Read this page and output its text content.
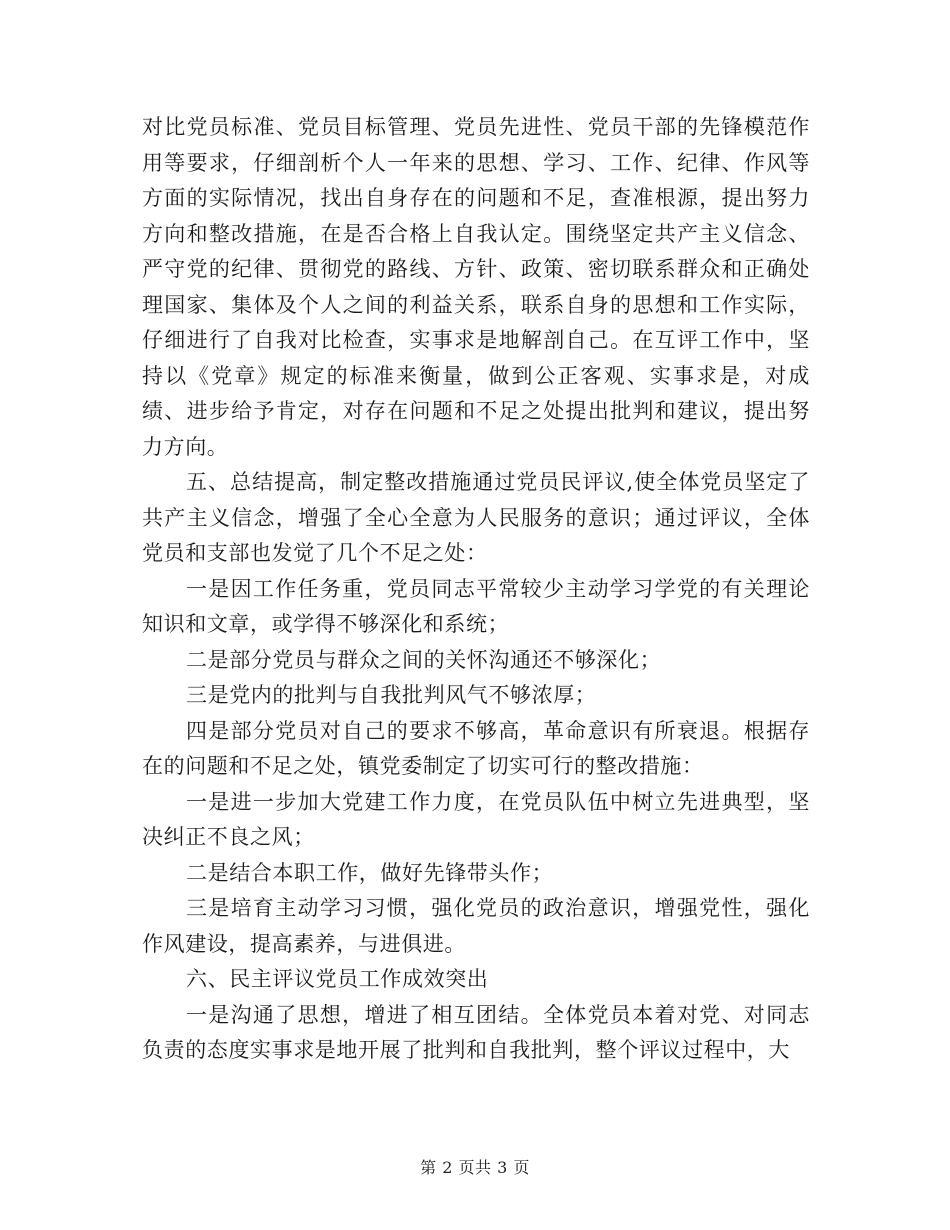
对比党员标准、党员目标管理、党员先进性、党员干部的先锋模范作用等要求，仔细剖析个人一年来的思想、学习、工作、纪律、作风等方面的实际情况，找出自身存在的问题和不足，查准根源，提出努力方向和整改措施，在是否合格上自我认定。围绕坚定共产主义信念、严守党的纪律、贯彻党的路线、方针、政策、密切联系群众和正确处理国家、集体及个人之间的利益关系，联系自身的思想和工作实际，仔细进行了自我对比检查，实事求是地解剖自己。在互评工作中，坚持以《党章》规定的标准来衡量，做到公正客观、实事求是，对成绩、进步给予肯定，对存在问题和不足之处提出批判和建议，提出努力方向。

五、总结提高，制定整改措施通过党员民评议,使全体党员坚定了共产主义信念，增强了全心全意为人民服务的意识；通过评议，全体党员和支部也发觉了几个不足之处：

一是因工作任务重，党员同志平常较少主动学习学党的有关理论知识和文章，或学得不够深化和系统；

二是部分党员与群众之间的关怀沟通还不够深化；

三是党内的批判与自我批判风气不够浓厚；

四是部分党员对自己的要求不够高，革命意识有所衰退。根据存在的问题和不足之处，镇党委制定了切实可行的整改措施：

一是进一步加大党建工作力度，在党员队伍中树立先进典型，坚决纠正不良之风；

二是结合本职工作，做好先锋带头作；

三是培育主动学习习惯，强化党员的政治意识，增强党性，强化作风建设，提高素养，与进俱进。

六、民主评议党员工作成效突出

一是沟通了思想，增进了相互团结。全体党员本着对党、对同志负责的态度实事求是地开展了批判和自我批判，整个评议过程中，大

第 2 页共 3 页
